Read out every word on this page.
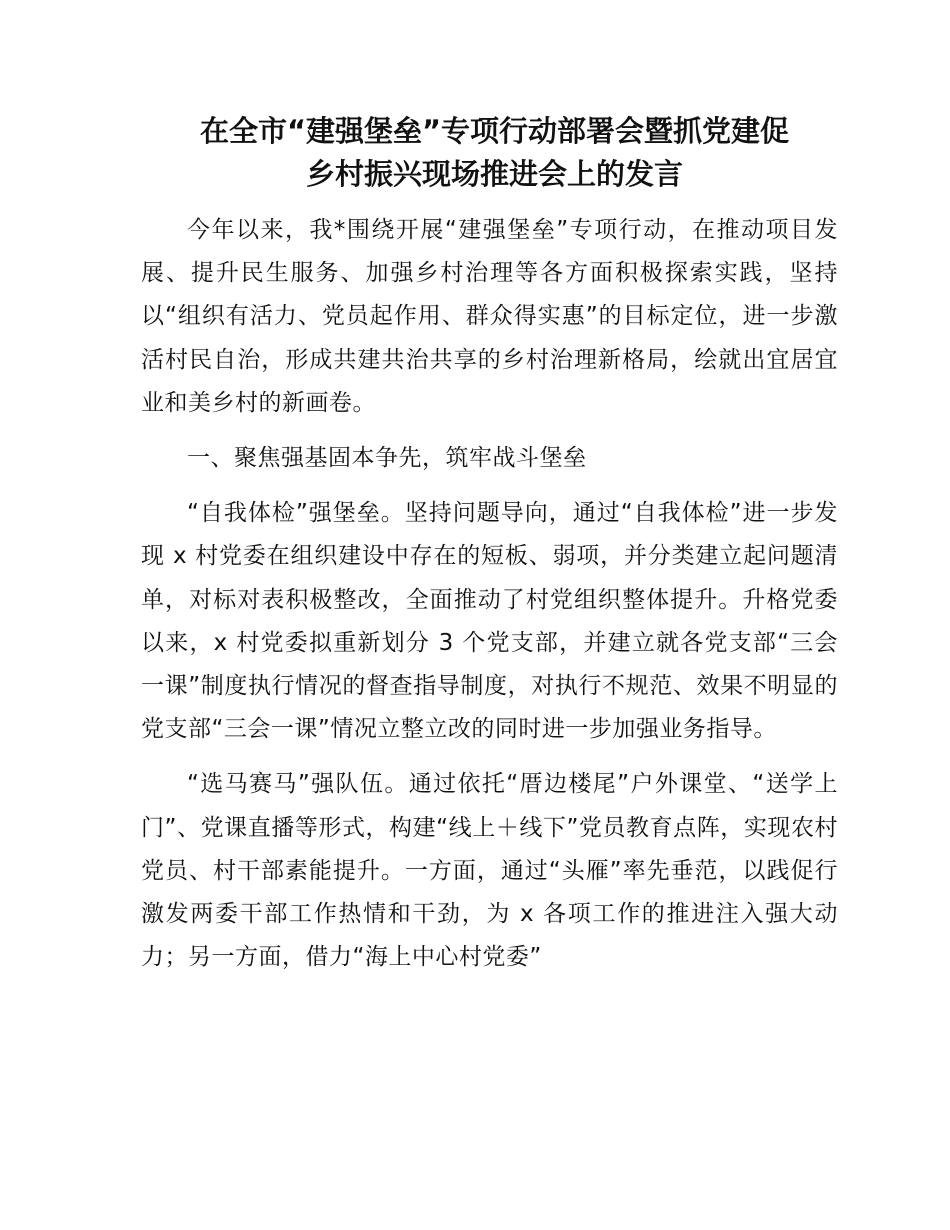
在全市“建强堡垒”专项行动部署会暨抓党建促
乡村振兴现场推进会上的发言

今年以来，我*围绕开展“建强堡垒”专项行动，在推动项目发展、提升民生服务、加强乡村治理等各方面积极探索实践，坚持以“组织有活力、党员起作用、群众得实惠”的目标定位，进一步激活村民自治，形成共建共治共享的乡村治理新格局，绘就出宜居宜业和美乡村的新画卷。

一、聚焦强基固本争先，筑牢战斗堡垒

“自我体检”强堡垒。坚持问题导向，通过“自我体检”进一步发现 x 村党委在组织建设中存在的短板、弱项，并分类建立起问题清单，对标对表积极整改，全面推动了村党组织整体提升。升格党委以来，x 村党委拟重新划分 3 个党支部，并建立就各党支部“三会一课”制度执行情况的督查指导制度，对执行不规范、效果不明显的党支部“三会一课”情况立整立改的同时进一步加强业务指导。

“选马赛马”强队伍。通过依托“厝边楼尾”户外课堂、“送学上门”、党课直播等形式，构建“线上＋线下”党员教育点阵，实现农村党员、村干部素能提升。一方面，通过“头雁”率先垂范，以践促行激发两委干部工作热情和干劲，为 x 各项工作的推进注入强大动力；另一方面，借力“海上中心村党委”
